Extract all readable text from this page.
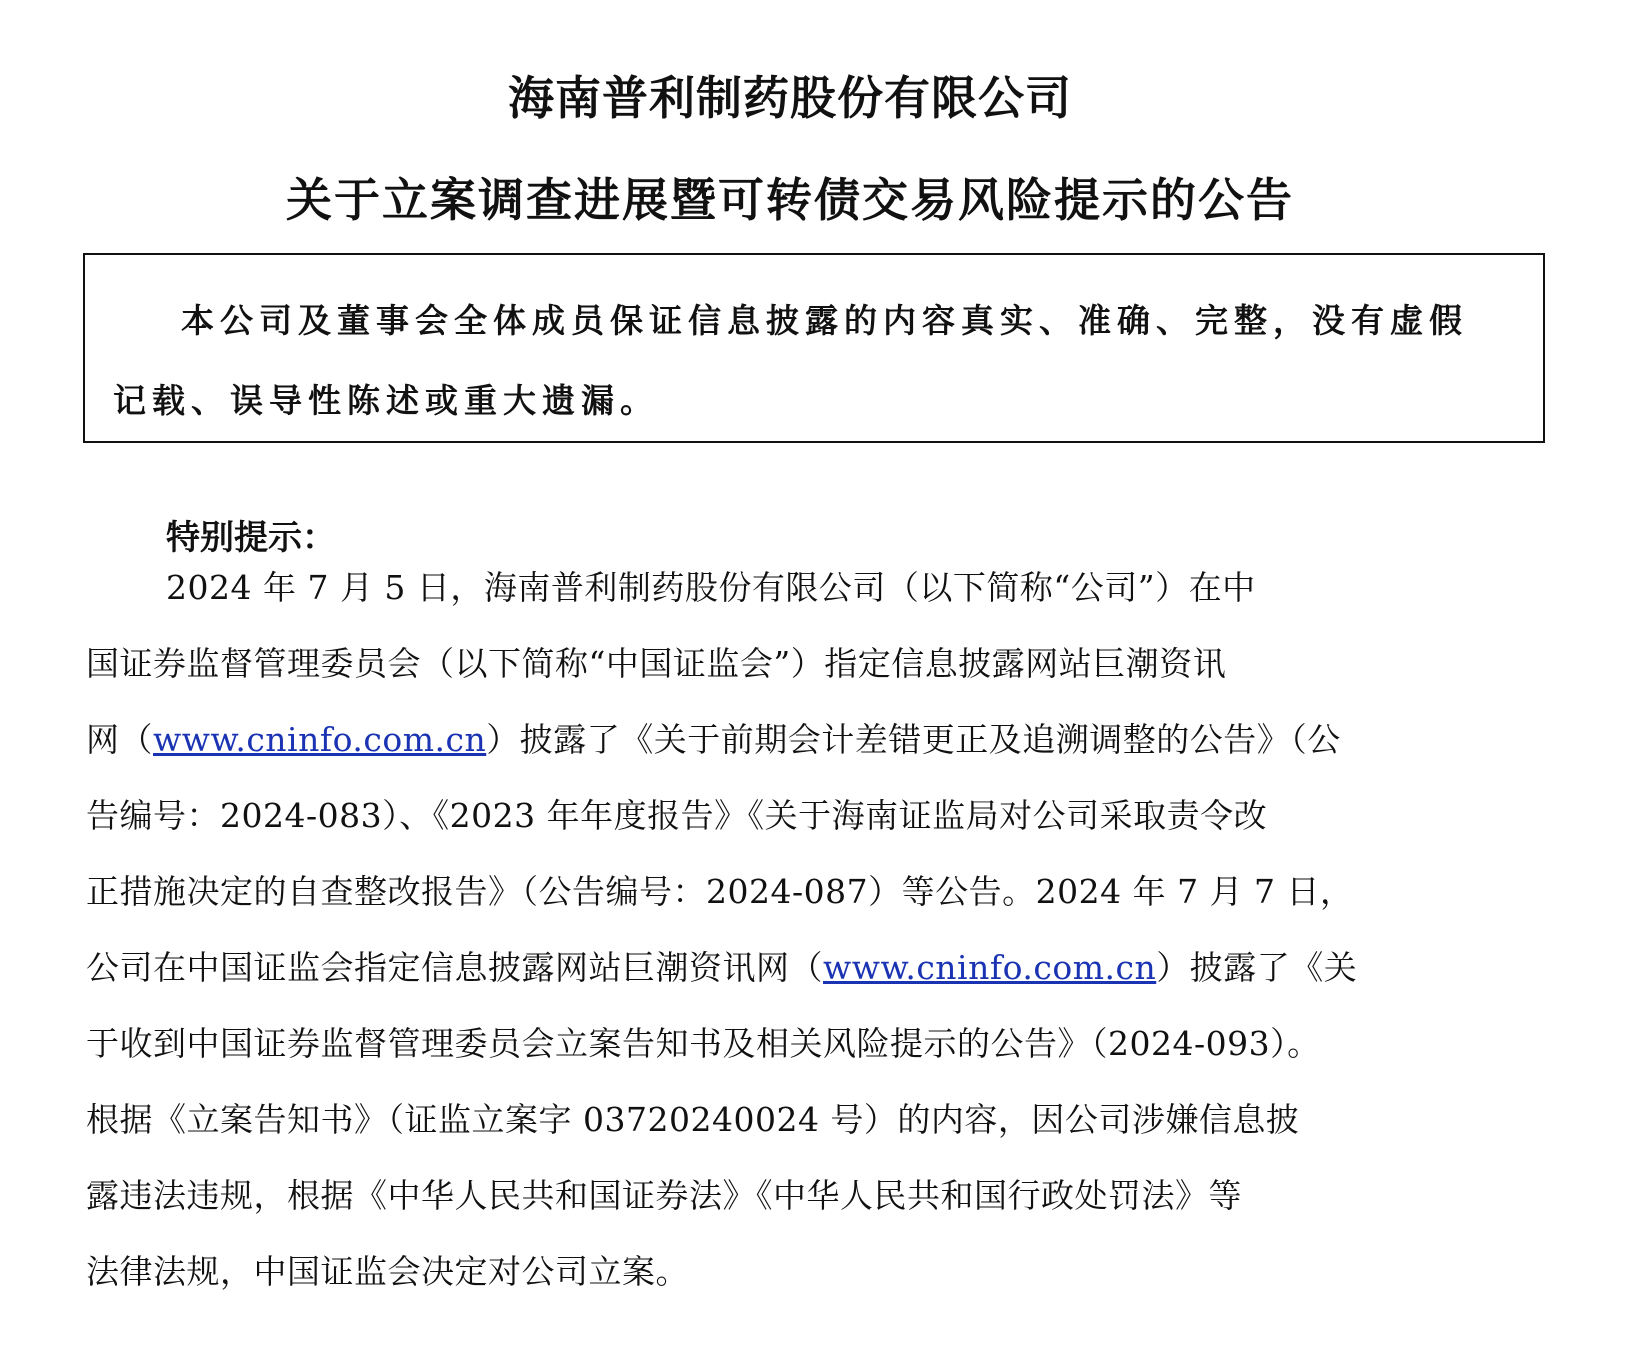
海南普利制药股份有限公司
关于立案调查进展暨可转债交易风险提示的公告

本公司及董事会全体成员保证信息披露的内容真实、准确、完整，没有虚假

记载、误导性陈述或重大遗漏。

特别提示：

2024 年 7 月 5 日，海南普利制药股份有限公司（以下简称“公司”）在中

国证券监督管理委员会（以下简称“中国证监会”）指定信息披露网站巨潮资讯

网（www.cninfo.com.cn）披露了《关于前期会计差错更正及追溯调整的公告》（公

告编号：2024-083）、《2023 年年度报告》《关于海南证监局对公司采取责令改

正措施决定的自查整改报告》（公告编号：2024-087）等公告。2024 年 7 月 7 日，

公司在中国证监会指定信息披露网站巨潮资讯网（www.cninfo.com.cn）披露了《关

于收到中国证券监督管理委员会立案告知书及相关风险提示的公告》（2024-093）。

根据《立案告知书》（证监立案字 03720240024 号）的内容，因公司涉嫌信息披

露违法违规，根据《中华人民共和国证券法》《中华人民共和国行政处罚法》等

法律法规，中国证监会决定对公司立案。
